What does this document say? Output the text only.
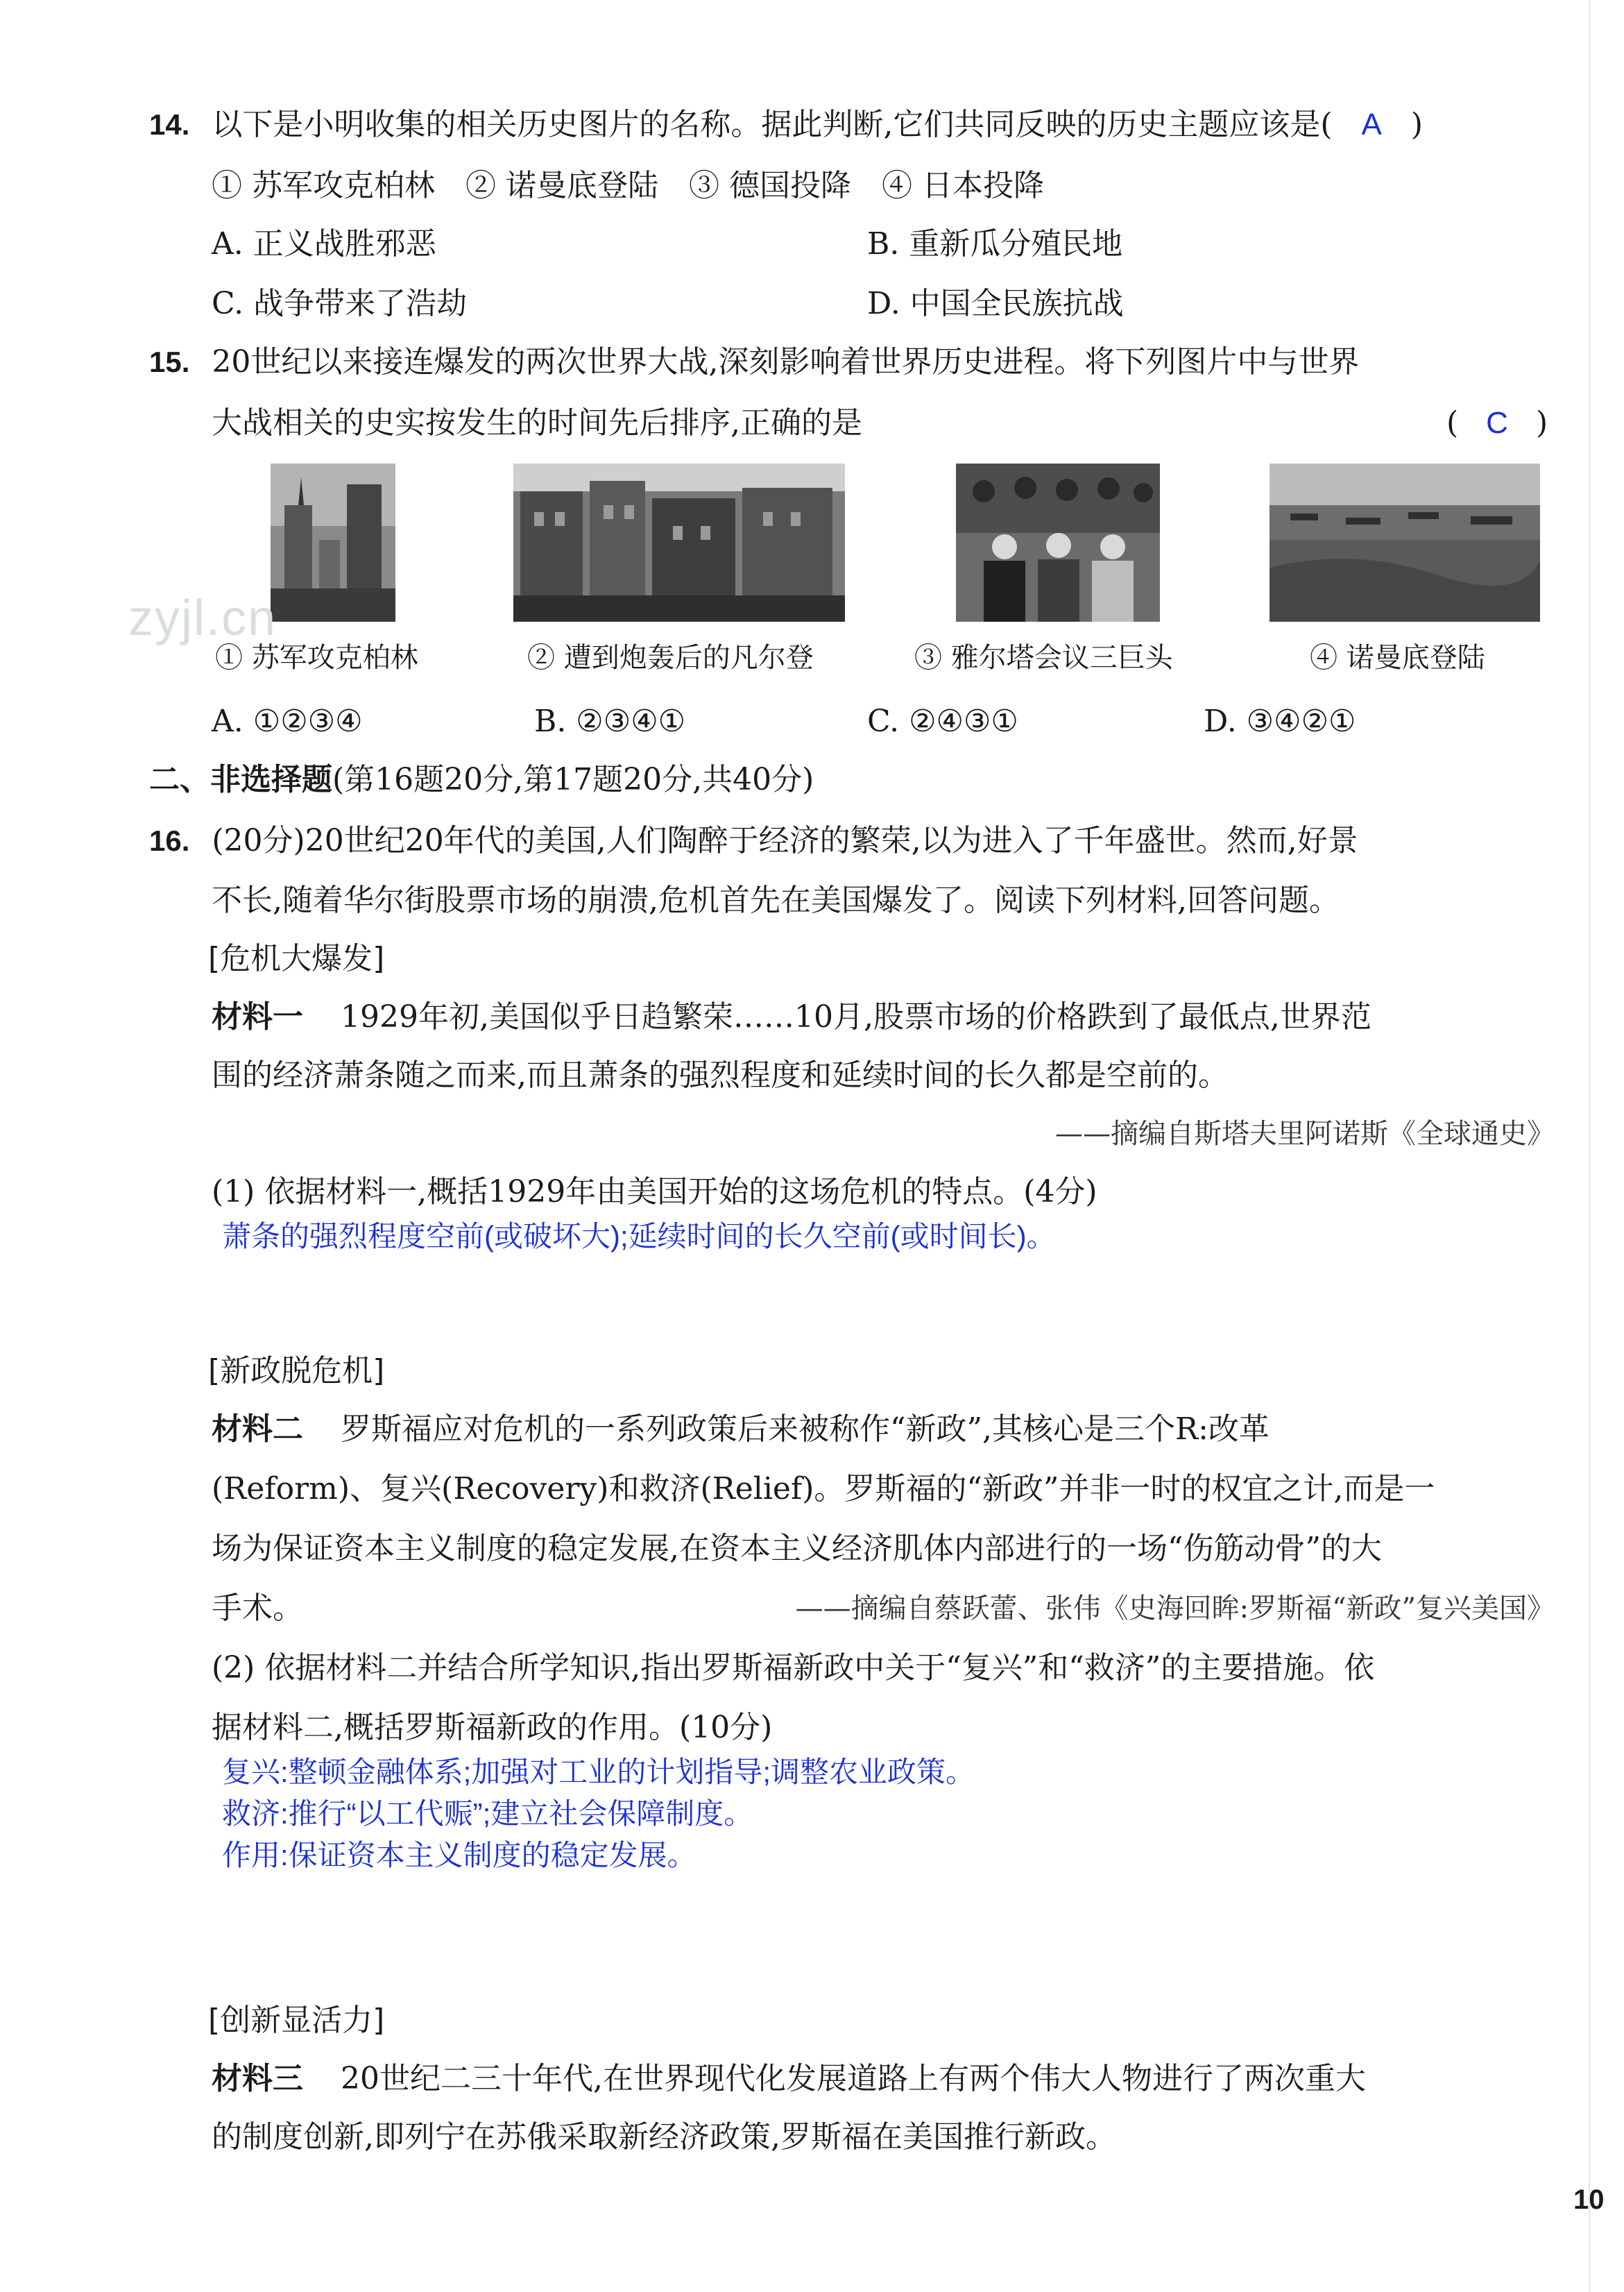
14. 以下是小明收集的相关历史图片的名称。据此判断,它们共同反映的历史主题应该是( A )
① 苏军攻克柏林　② 诺曼底登陆　③ 德国投降　④ 日本投降
A. 正义战胜邪恶	B. 重新瓜分殖民地
C. 战争带来了浩劫	D. 中国全民族抗战
15. 20世纪以来接连爆发的两次世界大战,深刻影响着世界历史进程。将下列图片中与世界
大战相关的史实按发生的时间先后排序,正确的是	( C )
zyjl.cn
① 苏军攻克柏林	② 遭到炮轰后的凡尔登	③ 雅尔塔会议三巨头	④ 诺曼底登陆
A. ①②③④	B. ②③④①	C. ②④③①	D. ③④②①
二、非选择题(第16题20分,第17题20分,共40分)
16. (20分)20世纪20年代的美国,人们陶醉于经济的繁荣,以为进入了千年盛世。然而,好景
不长,随着华尔街股票市场的崩溃,危机首先在美国爆发了。阅读下列材料,回答问题。
[危机大爆发]
材料一 1929年初,美国似乎日趋繁荣……10月,股票市场的价格跌到了最低点,世界范
围的经济萧条随之而来,而且萧条的强烈程度和延续时间的长久都是空前的。
——摘编自斯塔夫里阿诺斯《全球通史》
(1) 依据材料一,概括1929年由美国开始的这场危机的特点。(4分)
萧条的强烈程度空前(或破坏大);延续时间的长久空前(或时间长)。
[新政脱危机]
材料二 罗斯福应对危机的一系列政策后来被称作“新政”,其核心是三个R:改革
(Reform)、复兴(Recovery)和救济(Relief)。罗斯福的“新政”并非一时的权宜之计,而是一
场为保证资本主义制度的稳定发展,在资本主义经济肌体内部进行的一场“伤筋动骨”的大
手术。	——摘编自蔡跃蕾、张伟《史海回眸:罗斯福“新政”复兴美国》
(2) 依据材料二并结合所学知识,指出罗斯福新政中关于“复兴”和“救济”的主要措施。依
据材料二,概括罗斯福新政的作用。(10分)
复兴:整顿金融体系;加强对工业的计划指导;调整农业政策。
救济:推行“以工代赈”;建立社会保障制度。
作用:保证资本主义制度的稳定发展。
[创新显活力]
材料三 20世纪二三十年代,在世界现代化发展道路上有两个伟大人物进行了两次重大
的制度创新,即列宁在苏俄采取新经济政策,罗斯福在美国推行新政。
10
